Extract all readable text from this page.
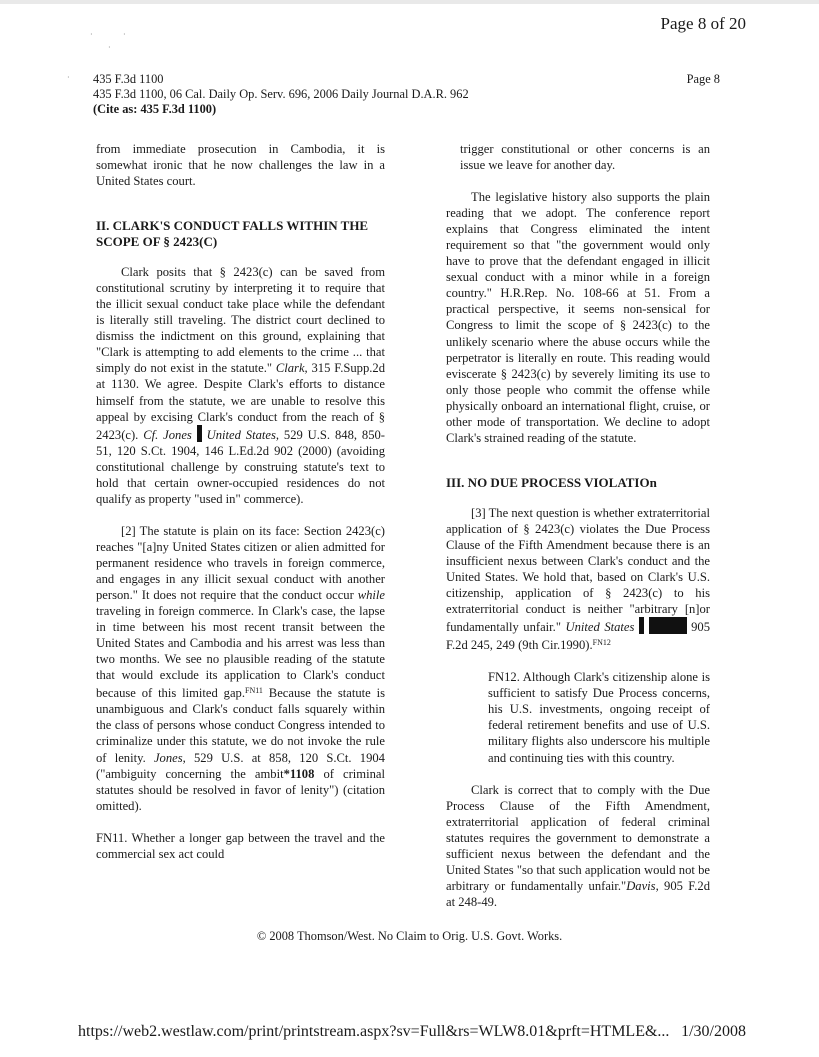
Page 8 of 20
·	·
·
· 435 F.3d 1100
435 F.3d 1100, 06 Cal. Daily Op. Serv. 696, 2006 Daily Journal D.A.R. 962
(Cite as: 435 F.3d 1100)
Page 8

from immediate prosecution in Cambodia, it is somewhat ironic that he now challenges the law in a United States court.

II. CLARK'S CONDUCT FALLS WITHIN THE SCOPE OF § 2423(C)

Clark posits that § 2423(c) can be saved from constitutional scrutiny by interpreting it to require that the illicit sexual conduct take place while the defendant is literally still traveling. The district court declined to dismiss the indictment on this ground, explaining that "Clark is attempting to add elements to the crime ... that simply do not exist in the statute." Clark, 315 F.Supp.2d at 1130. We agree. Despite Clark's efforts to distance himself from the statute, we are unable to resolve this appeal by excising Clark's conduct from the reach of § 2423(c). Cf. Jones United States, 529 U.S. 848, 850-51, 120 S.Ct. 1904, 146 L.Ed.2d 902 (2000) (avoiding constitutional challenge by construing statute's text to hold that certain owner-occupied residences do not qualify as property "used in" commerce).

[2] The statute is plain on its face: Section 2423(c) reaches "[a]ny United States citizen or alien admitted for permanent residence who travels in foreign commerce, and engages in any illicit sexual conduct with another person." It does not require that the conduct occur while traveling in foreign commerce. In Clark's case, the lapse in time between his most recent transit between the United States and Cambodia and his arrest was less than two months. We see no plausible reading of the statute that would exclude its application to Clark's conduct because of this limited gap.$^{FN11}$ Because the statute is unambiguous and Clark's conduct falls squarely within the class of persons whose conduct Congress intended to criminalize under this statute, we do not invoke the rule of lenity. Jones, 529 U.S. at 858, 120 S.Ct. 1904 ("ambiguity concerning the ambit*1108 of criminal statutes should be resolved in favor of lenity") (citation omitted).

FN11. Whether a longer gap between the travel and the commercial sex act could

trigger constitutional or other concerns is an issue we leave for another day.

The legislative history also supports the plain reading that we adopt. The conference report explains that Congress eliminated the intent requirement so that "the government would only have to prove that the defendant engaged in illicit sexual conduct with a minor while in a foreign country." H.R.Rep. No. 108-66 at 51. From a practical perspective, it seems non-sensical for Congress to limit the scope of § 2423(c) to the unlikely scenario where the abuse occurs while the perpetrator is literally en route. This reading would eviscerate § 2423(c) by severely limiting its use to only those people who commit the offense while physically onboard an international flight, cruise, or other mode of transportation. We decline to adopt Clark's strained reading of the statute.

III. NO DUE PROCESS VIOLATIOn

[3] The next question is whether extraterritorial application of § 2423(c) violates the Due Process Clause of the Fifth Amendment because there is an insufficient nexus between Clark's conduct and the United States. We hold that, based on Clark's U.S. citizenship, application of § 2423(c) to his extraterritorial conduct is neither "arbitrary [n]or fundamentally unfair." United States	905 F.2d 245, 249 (9th Cir.1990).$^{FN12}$

FN12. Although Clark's citizenship alone is sufficient to satisfy Due Process concerns, his U.S. investments, ongoing receipt of federal retirement benefits and use of U.S. military flights also underscore his multiple and continuing ties with this country.

Clark is correct that to comply with the Due Process Clause of the Fifth Amendment, extraterritorial application of federal criminal statutes requires the government to demonstrate a sufficient nexus between the defendant and the United States "so that such application would not be arbitrary or fundamentally unfair."Davis, 905 F.2d at 248-49.

© 2008 Thomson/West. No Claim to Orig. U.S. Govt. Works.
https://web2.westlaw.com/print/printstream.aspx?sv=Full&rs=WLW8.01&prft=HTMLE&... 1/30/2008
